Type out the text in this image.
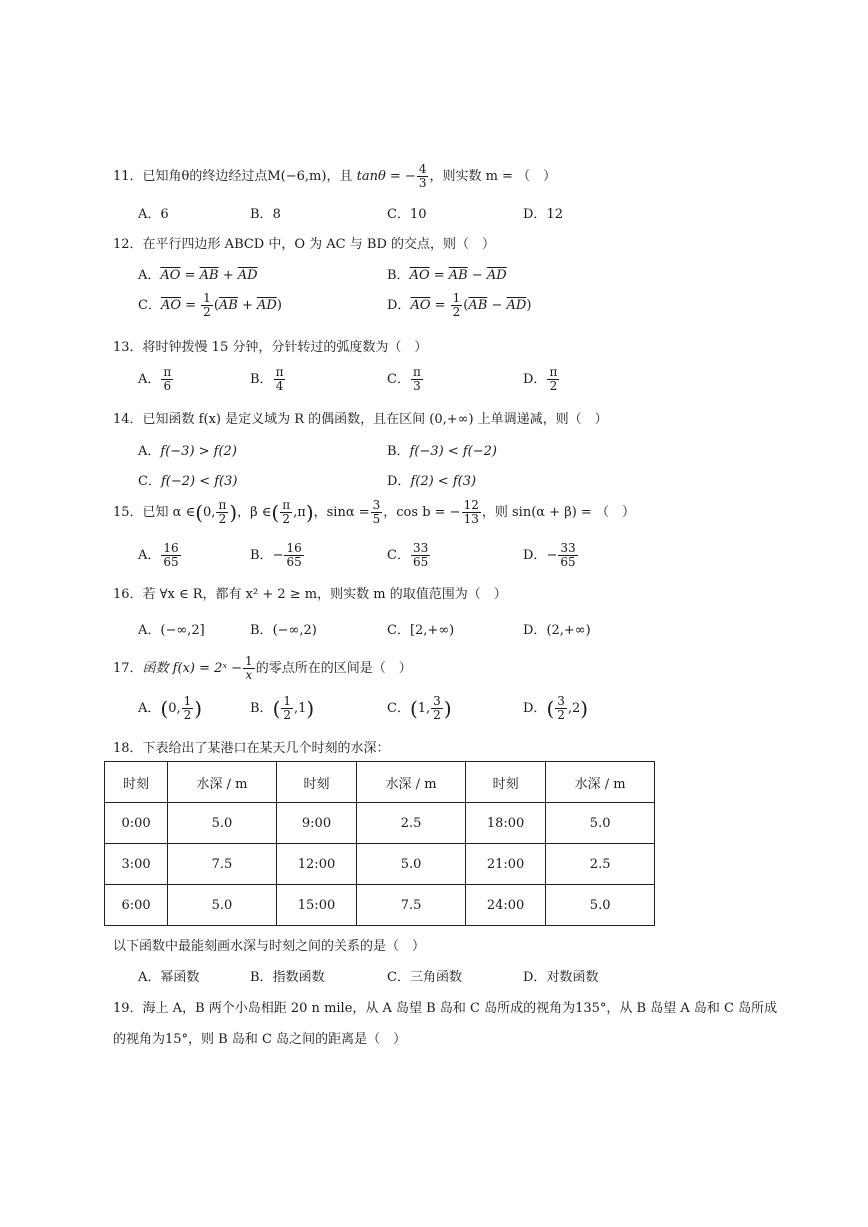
11．已知角θ的终边经过点M(−6,m)，且 tanθ = − $\frac{4}{3}$ ，则实数 m = （　）
A．6	B．8	C．10	D．12
12．在平行四边形 ABCD 中，O 为 AC 与 BD 的交点，则（　）
A．$\overline{AO} = \overline{AB} + \overline{AD}$	B．$\overline{AO} = \overline{AB} - \overline{AD}$
C．$\overline{AO} = \frac{1}{2} (\overline{AB} + \overline{AD})$	D．$\overline{AO} = \frac{1}{2} (\overline{AB} - \overline{AD})$
13．将时钟拨慢 15 分钟，分针转过的弧度数为（　）
A． $\frac{\pi}{6}$	B． $\frac{\pi}{4}$	C． $\frac{\pi}{3}$	D． $\frac{\pi}{2}$
14．已知函数 f(x) 是定义域为 R 的偶函数，且在区间 (0,+∞) 上单调递减，则（　）
A．f(−3) > f(2)	B．f(−3) < f(−2)
C．f(−2) < f(3)	D．f(2) < f(3)
15．已知 α ∈(0, $\frac{\pi}{2}$ )，β ∈( $\frac{\pi}{2} ,\pi$)，$\sin\alpha = \frac{3}{5}$ ，cos b = − $\frac{12}{13}$ ，则 sin(α + β) = （　）
A． $\frac{16}{65}$	B．− $\frac{16}{65}$	C． $\frac{33}{65}$	D．− $\frac{33}{65}$
16．若 ∀x ∈ R，都有 x² + 2 ≥ m，则实数 m 的取值范围为（　）
A．(−∞,2]	B．(−∞,2)	C．[2,+∞)	D．(2,+∞)
17．函数 f(x) = 2ˣ − $\frac{1}{x}$ 的零点所在的区间是（　）
A．(0, $\frac{1}{2}$ )	B．( $\frac{1}{2} ,1$)	C．(1, $\frac{3}{2}$ )	D．( $\frac{3}{2} ,2$)
18．下表给出了某港口在某天几个时刻的水深：
时刻	水深 / m	时刻	水深 / m	时刻	水深 / m
0:00	5.0	9:00	2.5	18:00	5.0
3:00	7.5	12:00	5.0	21:00	2.5
6:00	5.0	15:00	7.5	24:00	5.0
以下函数中最能刻画水深与时刻之间的关系的是（　）
A．幂函数	B．指数函数	C．三角函数	D．对数函数
19．海上 A，B 两个小岛相距 20 n mile，从 A 岛望 B 岛和 C 岛所成的视角为135°，从 B 岛望 A 岛和 C 岛所成
的视角为15°，则 B 岛和 C 岛之间的距离是（　）
